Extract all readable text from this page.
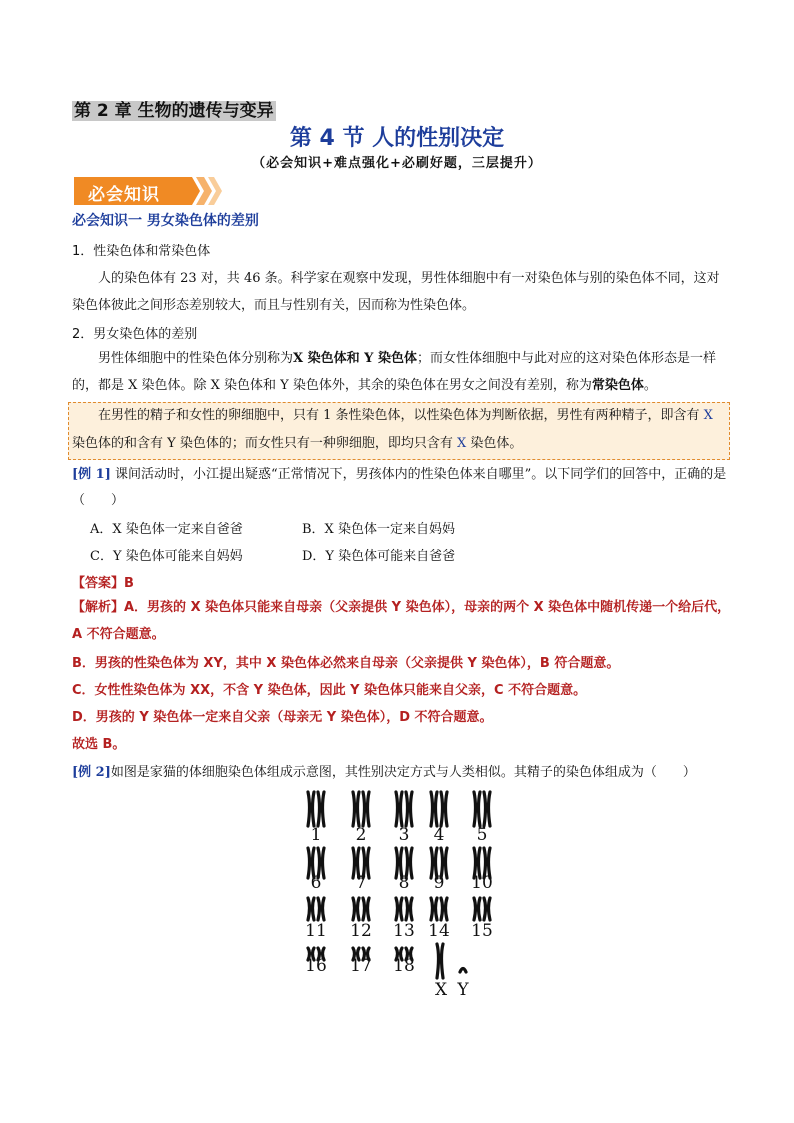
第 2 章 生物的遗传与变异
第 4 节 人的性别决定
（必会知识+难点强化+必刷好题，三层提升）
必会知识
必会知识一 男女染色体的差别
1．性染色体和常染色体

人的染色体有 23 对，共 46 条。科学家在观察中发现，男性体细胞中有一对染色体与别的染色体不同，这对染色体彼此之间形态差别较大，而且与性别有关，因而称为性染色体。

2．男女染色体的差别

男性体细胞中的性染色体分别称为X 染色体和 Y 染色体；而女性体细胞中与此对应的这对染色体形态是一样的，都是 X 染色体。除 X 染色体和 Y 染色体外，其余的染色体在男女之间没有差别，称为常染色体。

在男性的精子和女性的卵细胞中，只有 1 条性染色体，以性染色体为判断依据，男性有两种精子，即含有 X 染色体的和含有 Y 染色体的；而女性只有一种卵细胞，即均只含有 X 染色体。
[例 1] 课间活动时，小江提出疑惑“正常情况下，男孩体内的性染色体来自哪里”。以下同学们的回答中，正确的是（　　）
A．X 染色体一定来自爸爸	B．X 染色体一定来自妈妈
C．Y 染色体可能来自妈妈	D．Y 染色体可能来自爸爸
【答案】B
【解析】A．男孩的 X 染色体只能来自母亲（父亲提供 Y 染色体），母亲的两个 X 染色体中随机传递一个给后代，A 不符合题意。
B．男孩的性染色体为 XY，其中 X 染色体必然来自母亲（父亲提供 Y 染色体），B 符合题意。
C．女性性染色体为 XX，不含 Y 染色体，因此 Y 染色体只能来自父亲，C 不符合题意。
D．男孩的 Y 染色体一定来自父亲（母亲无 Y 染色体），D 不符合题意。
故选 B。
[例 2]如图是家猫的体细胞染色体组成示意图，其性别决定方式与人类相似。其精子的染色体组成为（　　）
1 2 3 4 5
6 7 8 9 10
11 12 13 14 15
16 17 18
X Y
